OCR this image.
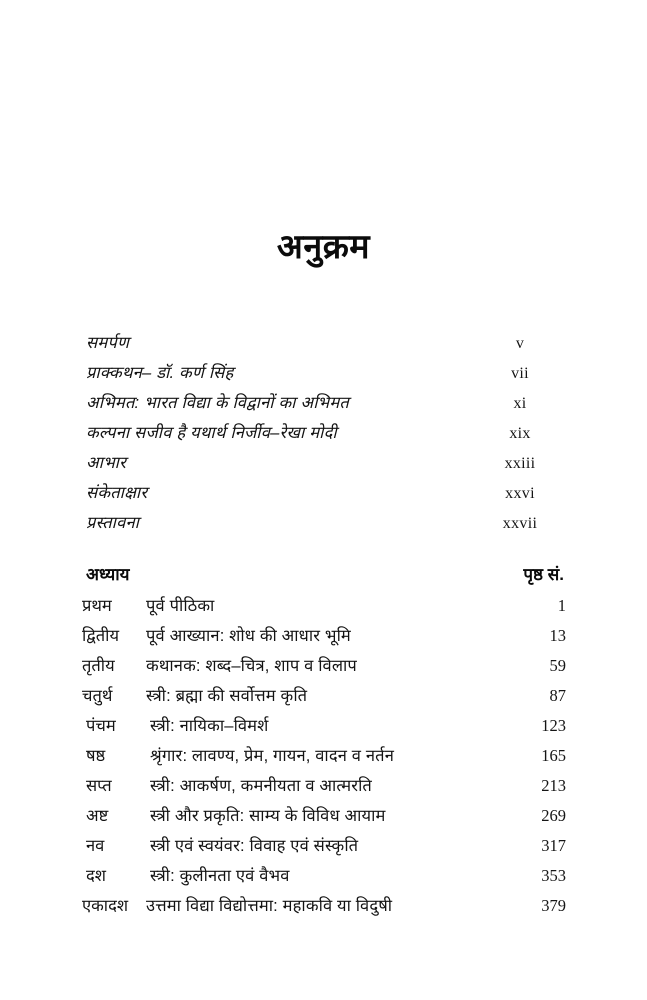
अनुक्रम
समर्पण	v
प्राक्कथन– डॉ. कर्ण सिंह	vii
अभिमत: भारत विद्या के विद्वानों का अभिमत	xi
कल्पना सजीव है यथार्थ निर्जीव–रेखा मोदी	xix
आभार	xxiii
संकेताक्षार	xxvi
प्रस्तावना	xxvii
अध्याय	पृष्ठ सं.
प्रथम	पूर्व पीठिका	1
द्वितीय	पूर्व आख्यान: शोध की आधार भूमि	13
तृतीय	कथानक: शब्द–चित्र, शाप व विलाप	59
चतुर्थ	स्त्री: ब्रह्मा की सर्वोत्तम कृति	87
पंचम	स्त्री: नायिका–विमर्श	123
षष्ठ	श्रृंगार: लावण्य, प्रेम, गायन, वादन व नर्तन	165
सप्त	स्त्री: आकर्षण, कमनीयता व आत्मरति	213
अष्ट	स्त्री और प्रकृति: साम्य के विविध आयाम	269
नव	स्त्री एवं स्वयंवर: विवाह एवं संस्कृति	317
दश	स्त्री: कुलीनता एवं वैभव	353
एकादश	उत्तमा विद्या विद्योत्तमा: महाकवि या विदुषी	379
